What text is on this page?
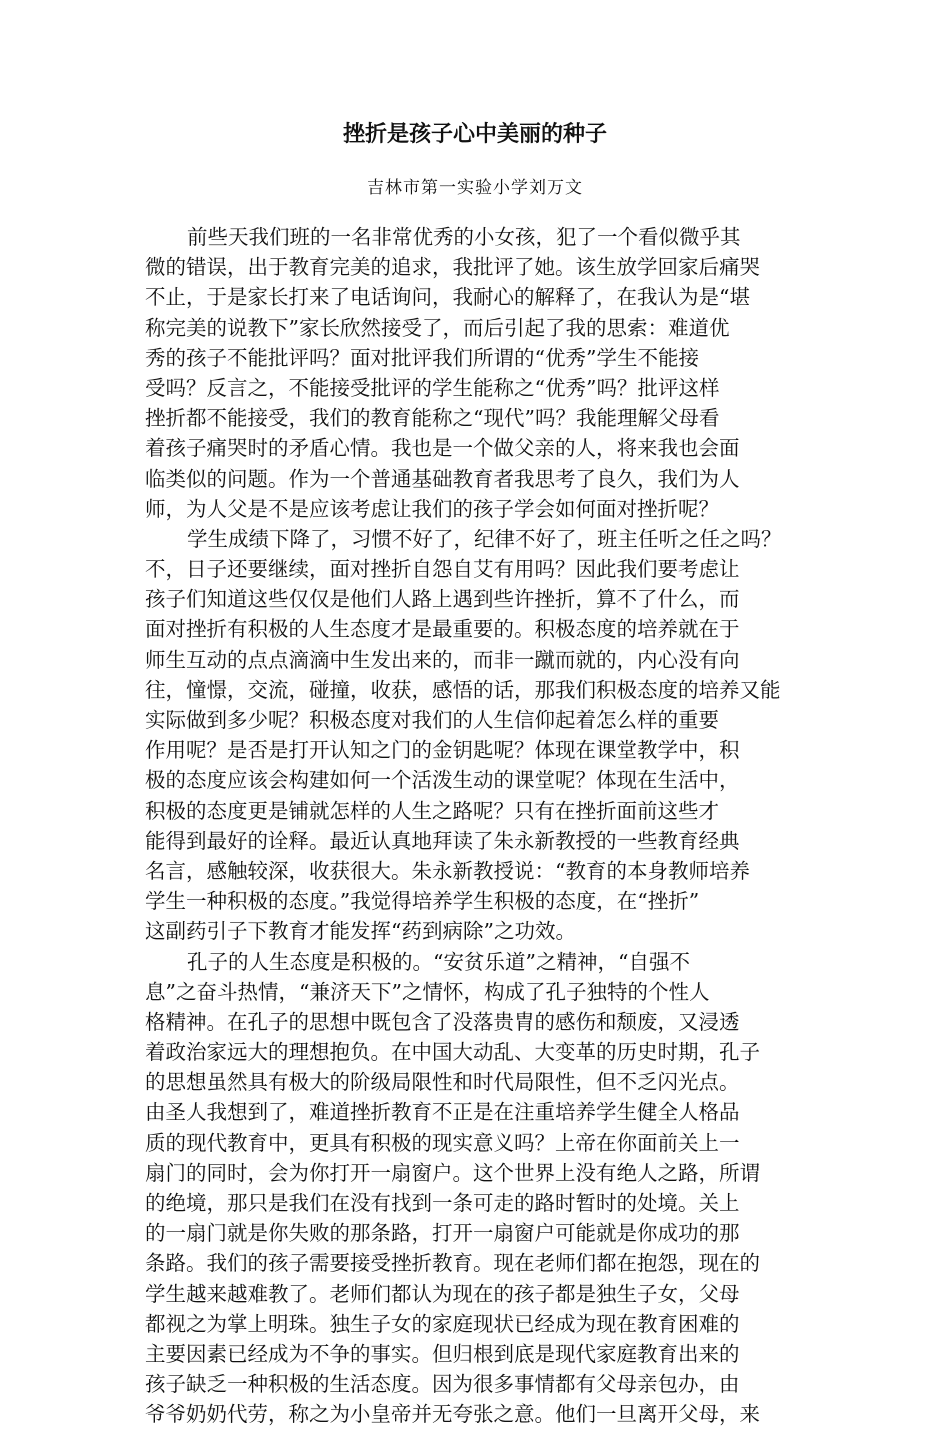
挫折是孩子心中美丽的种子
吉林市第一实验小学刘万文
前些天我们班的一名非常优秀的小女孩，犯了一个看似微乎其
微的错误，出于教育完美的追求，我批评了她。该生放学回家后痛哭
不止，于是家长打来了电话询问，我耐心的解释了，在我认为是“堪
称完美的说教下”家长欣然接受了，而后引起了我的思索：难道优
秀的孩子不能批评吗？面对批评我们所谓的“优秀”学生不能接
受吗？反言之，不能接受批评的学生能称之“优秀”吗？批评这样
挫折都不能接受，我们的教育能称之“现代”吗？我能理解父母看
着孩子痛哭时的矛盾心情。我也是一个做父亲的人，将来我也会面
临类似的问题。作为一个普通基础教育者我思考了良久，我们为人
师，为人父是不是应该考虑让我们的孩子学会如何面对挫折呢？
学生成绩下降了，习惯不好了，纪律不好了，班主任听之任之吗？
不，日子还要继续，面对挫折自怨自艾有用吗？因此我们要考虑让
孩子们知道这些仅仅是他们人路上遇到些许挫折，算不了什么，而
面对挫折有积极的人生态度才是最重要的。积极态度的培养就在于
师生互动的点点滴滴中生发出来的，而非一蹴而就的，内心没有向
往，憧憬，交流，碰撞，收获，感悟的话，那我们积极态度的培养又能
实际做到多少呢？积极态度对我们的人生信仰起着怎么样的重要
作用呢？是否是打开认知之门的金钥匙呢？体现在课堂教学中，积
极的态度应该会构建如何一个活泼生动的课堂呢？体现在生活中，
积极的态度更是铺就怎样的人生之路呢？只有在挫折面前这些才
能得到最好的诠释。最近认真地拜读了朱永新教授的一些教育经典
名言，感触较深，收获很大。朱永新教授说：“教育的本身教师培养
学生一种积极的态度。”我觉得培养学生积极的态度，在“挫折”
这副药引子下教育才能发挥“药到病除”之功效。
孔子的人生态度是积极的。“安贫乐道”之精神，“自强不
息”之奋斗热情，“兼济天下”之情怀，构成了孔子独特的个性人
格精神。在孔子的思想中既包含了没落贵胄的感伤和颓废，又浸透
着政治家远大的理想抱负。在中国大动乱、大变革的历史时期，孔子
的思想虽然具有极大的阶级局限性和时代局限性，但不乏闪光点。
由圣人我想到了，难道挫折教育不正是在注重培养学生健全人格品
质的现代教育中，更具有积极的现实意义吗？上帝在你面前关上一
扇门的同时，会为你打开一扇窗户。这个世界上没有绝人之路，所谓
的绝境，那只是我们在没有找到一条可走的路时暂时的处境。关上
的一扇门就是你失败的那条路，打开一扇窗户可能就是你成功的那
条路。我们的孩子需要接受挫折教育。现在老师们都在抱怨，现在的
学生越来越难教了。老师们都认为现在的孩子都是独生子女，父母
都视之为掌上明珠。独生子女的家庭现状已经成为现在教育困难的
主要因素已经成为不争的事实。但归根到底是现代家庭教育出来的
孩子缺乏一种积极的生活态度。因为很多事情都有父母亲包办，由
爷爷奶奶代劳，称之为小皇帝并无夸张之意。他们一旦离开父母，来
